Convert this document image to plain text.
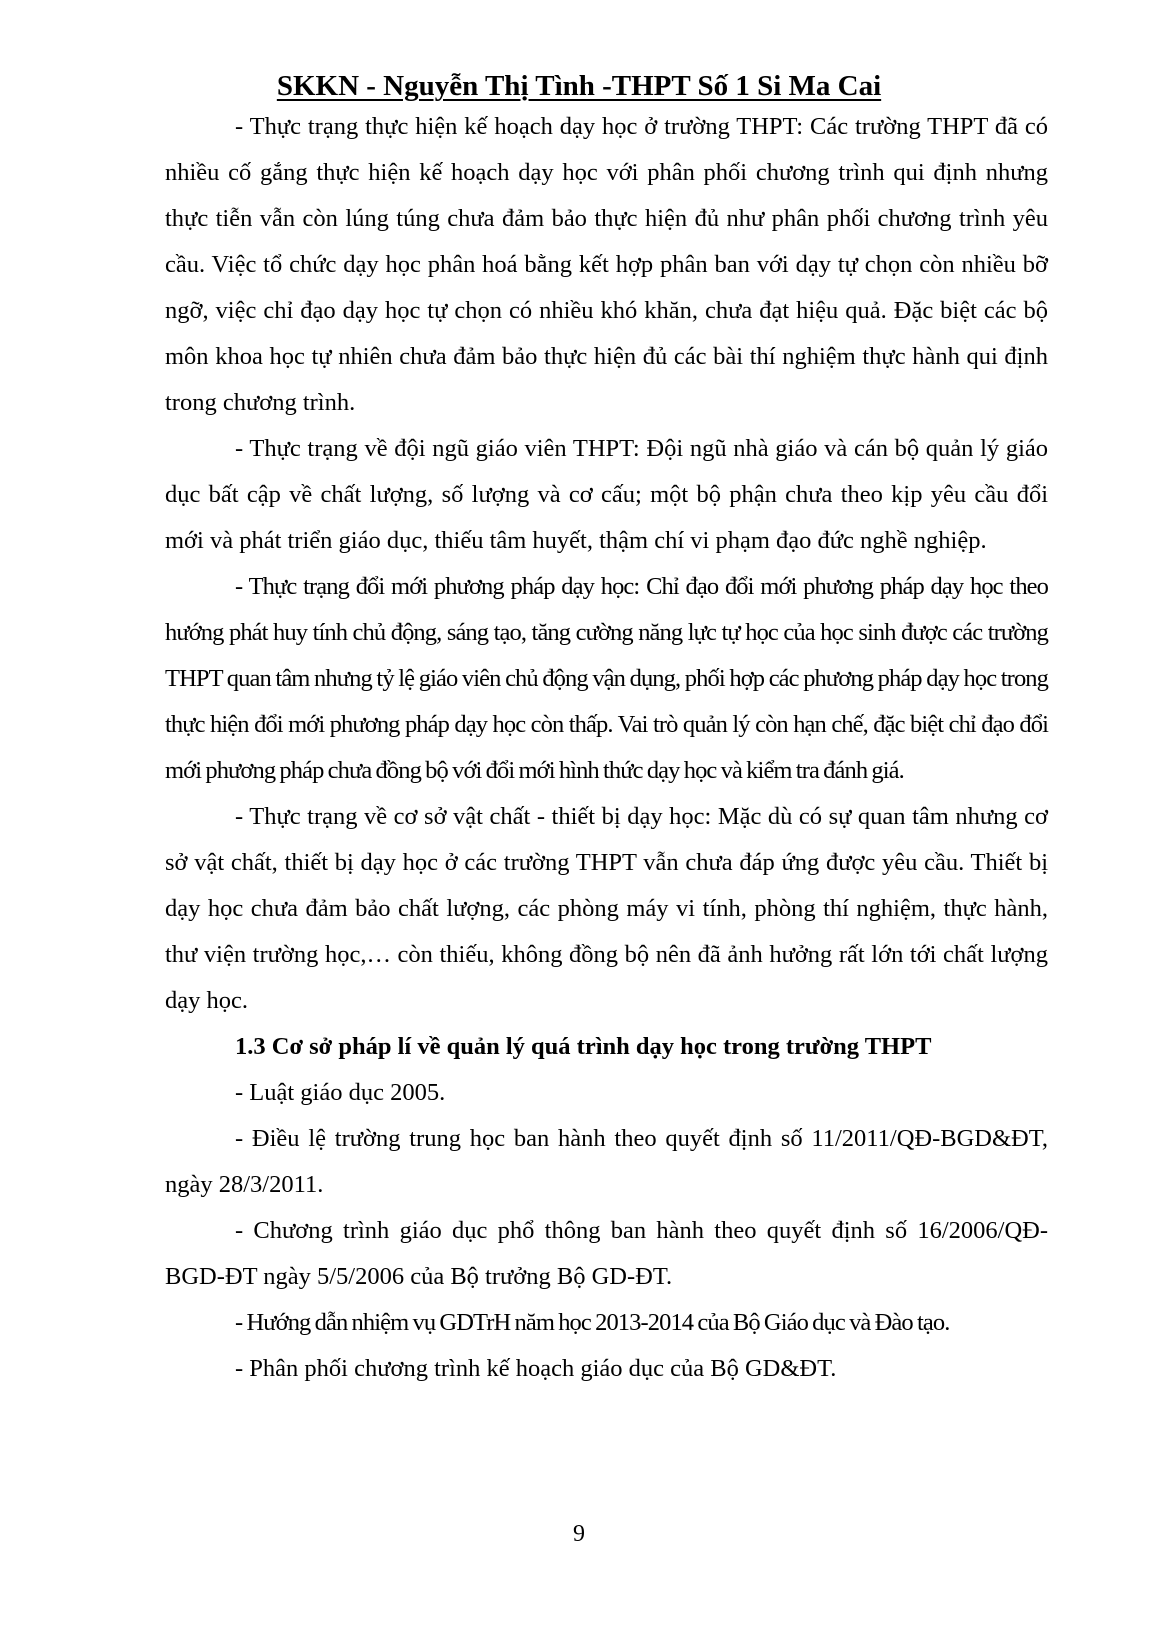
SKKN - Nguyễn Thị Tình -THPT Số 1 Si Ma Cai

- Thực trạng thực hiện kế hoạch dạy học ở trường THPT: Các trường THPT đã có nhiều cố gắng thực hiện kế hoạch dạy học với phân phối chương trình qui định nhưng thực tiễn vẫn còn lúng túng chưa đảm bảo thực hiện đủ như phân phối chương trình yêu cầu. Việc tổ chức dạy học phân hoá bằng kết hợp phân ban với dạy tự chọn còn nhiều bỡ ngỡ, việc chỉ đạo dạy học tự chọn có nhiều khó khăn, chưa đạt hiệu quả. Đặc biệt các bộ môn khoa học tự nhiên chưa đảm bảo thực hiện đủ các bài thí nghiệm thực hành qui định trong chương trình.

- Thực trạng về đội ngũ giáo viên THPT: Đội ngũ nhà giáo và cán bộ quản lý giáo dục bất cập về chất lượng, số lượng và cơ cấu; một bộ phận chưa theo kịp yêu cầu đổi mới và phát triển giáo dục, thiếu tâm huyết, thậm chí vi phạm đạo đức nghề nghiệp.

- Thực trạng đổi mới phương pháp dạy học: Chỉ đạo đổi mới phương pháp dạy học theo hướng phát huy tính chủ động, sáng tạo, tăng cường năng lực tự học của học sinh được các trường THPT quan tâm nhưng tỷ lệ giáo viên chủ động vận dụng, phối hợp các phương pháp dạy học trong thực hiện đổi mới phương pháp dạy học còn thấp. Vai trò quản lý còn hạn chế, đặc biệt chỉ đạo đổi mới phương pháp chưa đồng bộ với đổi mới hình thức dạy học và kiểm tra đánh giá.

- Thực trạng về cơ sở vật chất - thiết bị dạy học: Mặc dù có sự quan tâm nhưng cơ sở vật chất, thiết bị dạy học ở các trường THPT vẫn chưa đáp ứng được yêu cầu. Thiết bị dạy học chưa đảm bảo chất lượng, các phòng máy vi tính, phòng thí nghiệm, thực hành, thư viện trường học,… còn thiếu, không đồng bộ nên đã ảnh hưởng rất lớn tới chất lượng dạy học.

1.3 Cơ sở pháp lí về quản lý quá trình dạy học trong trường THPT

- Luật giáo dục 2005.

- Điều lệ trường trung học ban hành theo quyết định số 11/2011/QĐ-BGD&ĐT, ngày 28/3/2011.

- Chương trình giáo dục phổ thông ban hành theo quyết định số 16/2006/QĐ-BGD-ĐT ngày 5/5/2006 của Bộ trưởng Bộ GD-ĐT.

- Hướng dẫn nhiệm vụ GDTrH năm học 2013-2014 của Bộ Giáo dục và Đào tạo.

- Phân phối chương trình kế hoạch giáo dục của Bộ GD&ĐT.

9
